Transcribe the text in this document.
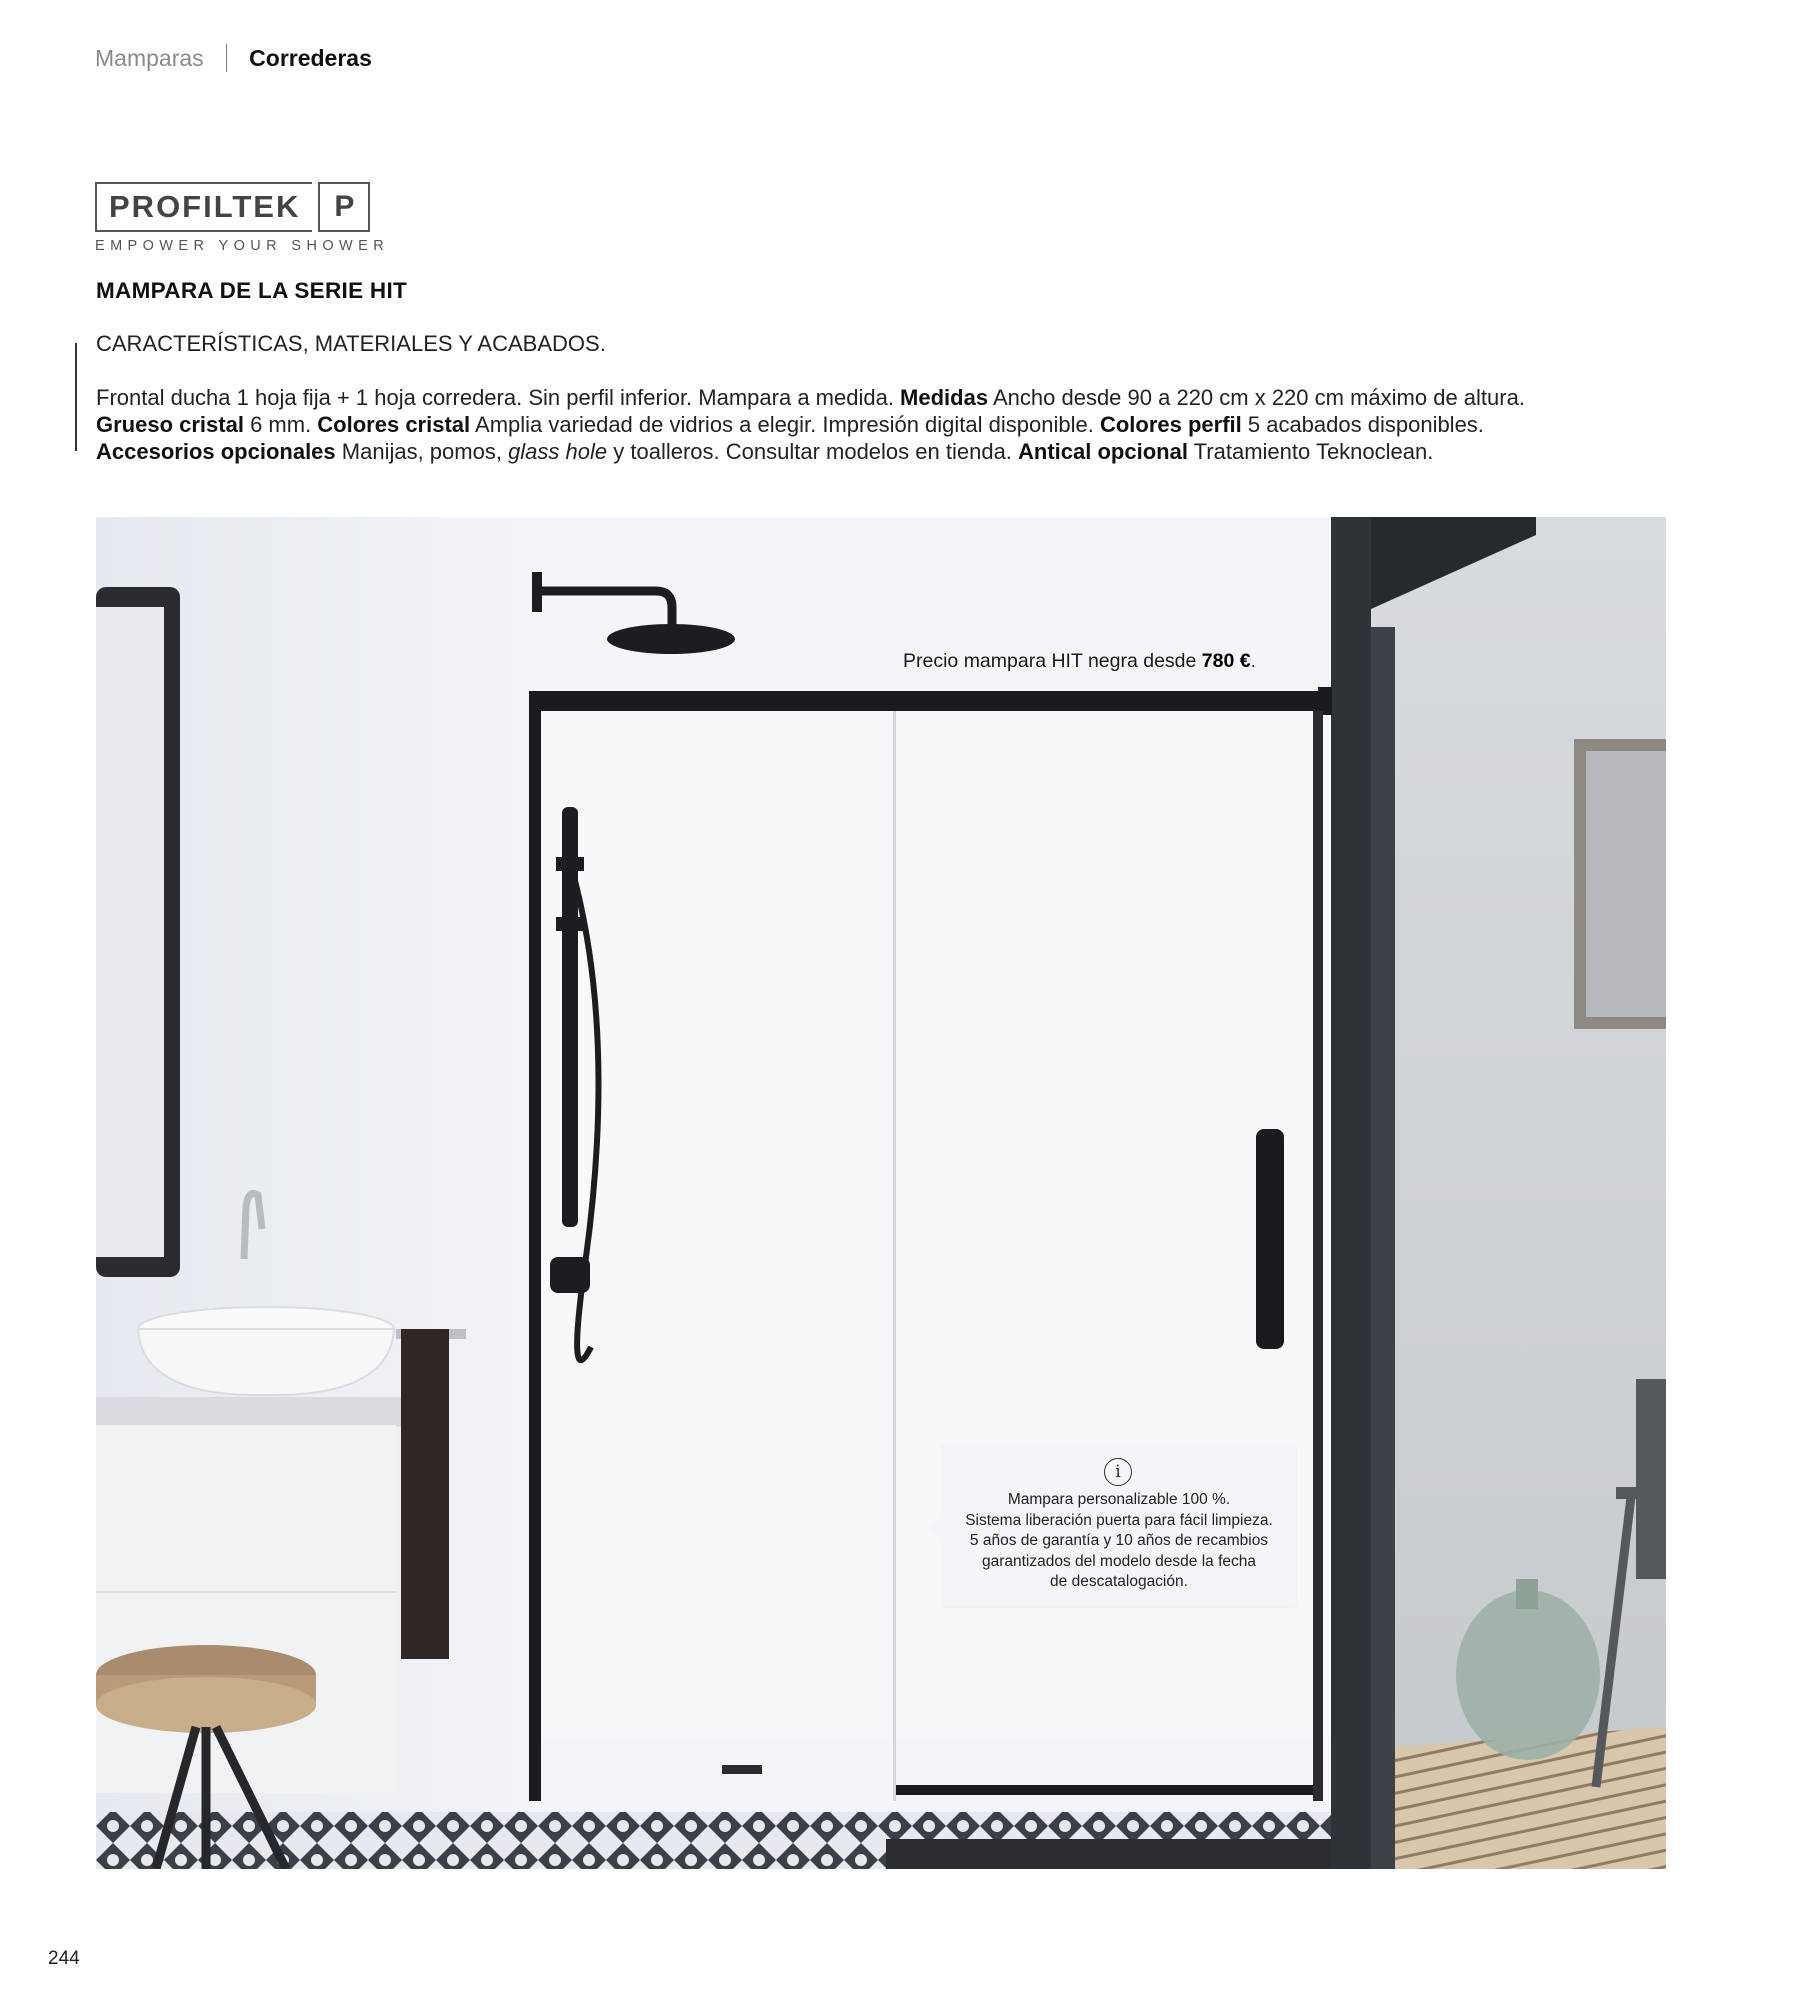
Mamparas Correderas
PROFILTEK	P
EMPOWER YOUR SHOWER
MAMPARA DE LA SERIE HIT
CARACTERÍSTICAS, MATERIALES Y ACABADOS.
Frontal ducha 1 hoja fija + 1 hoja corredera. Sin perfil inferior. Mampara a medida. Medidas Ancho desde 90 a 220 cm x 220 cm máximo de altura.
Grueso cristal 6 mm. Colores cristal Amplia variedad de vidrios a elegir. Impresión digital disponible. Colores perfil 5 acabados disponibles.
Accesorios opcionales Manijas, pomos, glass hole y toalleros. Consultar modelos en tienda. Antical opcional Tratamiento Teknoclean.
Precio mampara HIT negra desde 780 €.
i
Mampara personalizable 100 %.
Sistema liberación puerta para fácil limpieza.
5 años de garantía y 10 años de recambios
garantizados del modelo desde la fecha
de descatalogación.
244
